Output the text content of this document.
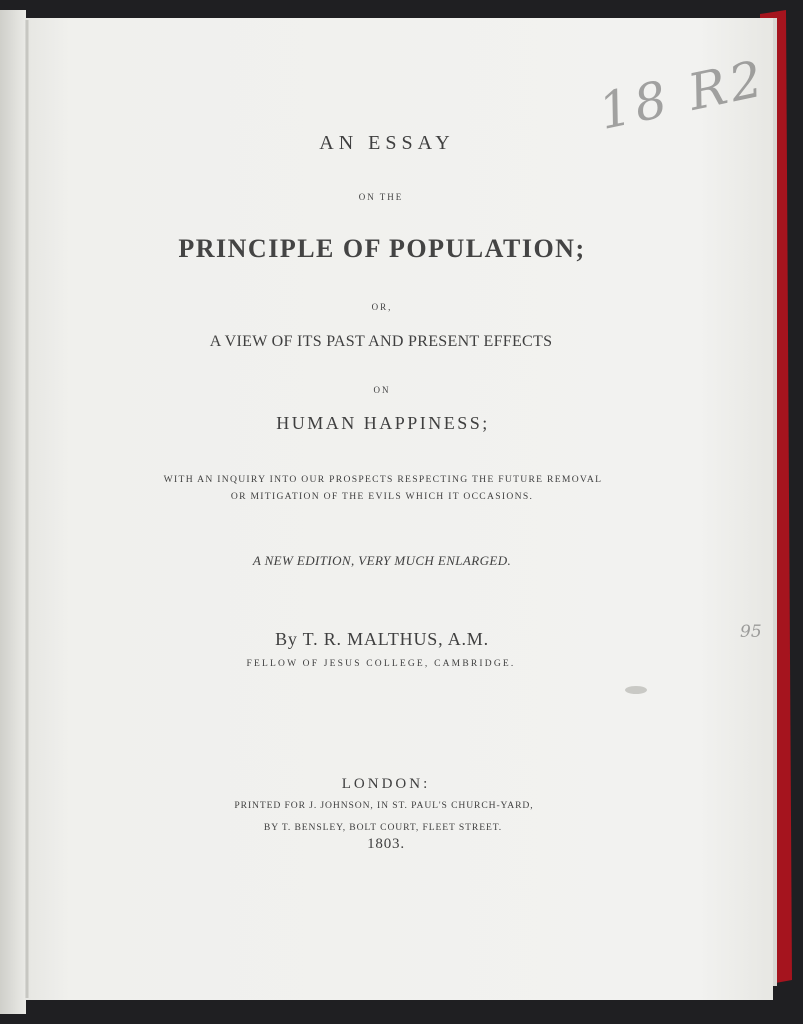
AN ESSAY
ON THE
PRINCIPLE OF POPULATION;
OR,
A VIEW OF ITS PAST AND PRESENT EFFECTS
ON
HUMAN HAPPINESS;
WITH AN INQUIRY INTO OUR PROSPECTS RESPECTING THE FUTURE REMOVAL
OR MITIGATION OF THE EVILS WHICH IT OCCASIONS.
A NEW EDITION, VERY MUCH ENLARGED.
By T. R. MALTHUS, A.M.
FELLOW OF JESUS COLLEGE, CAMBRIDGE.
LONDON:
PRINTED FOR J. JOHNSON, IN ST. PAUL'S CHURCH-YARD,
BY T. BENSLEY, BOLT COURT, FLEET STREET.
1803.
18 R2
95
